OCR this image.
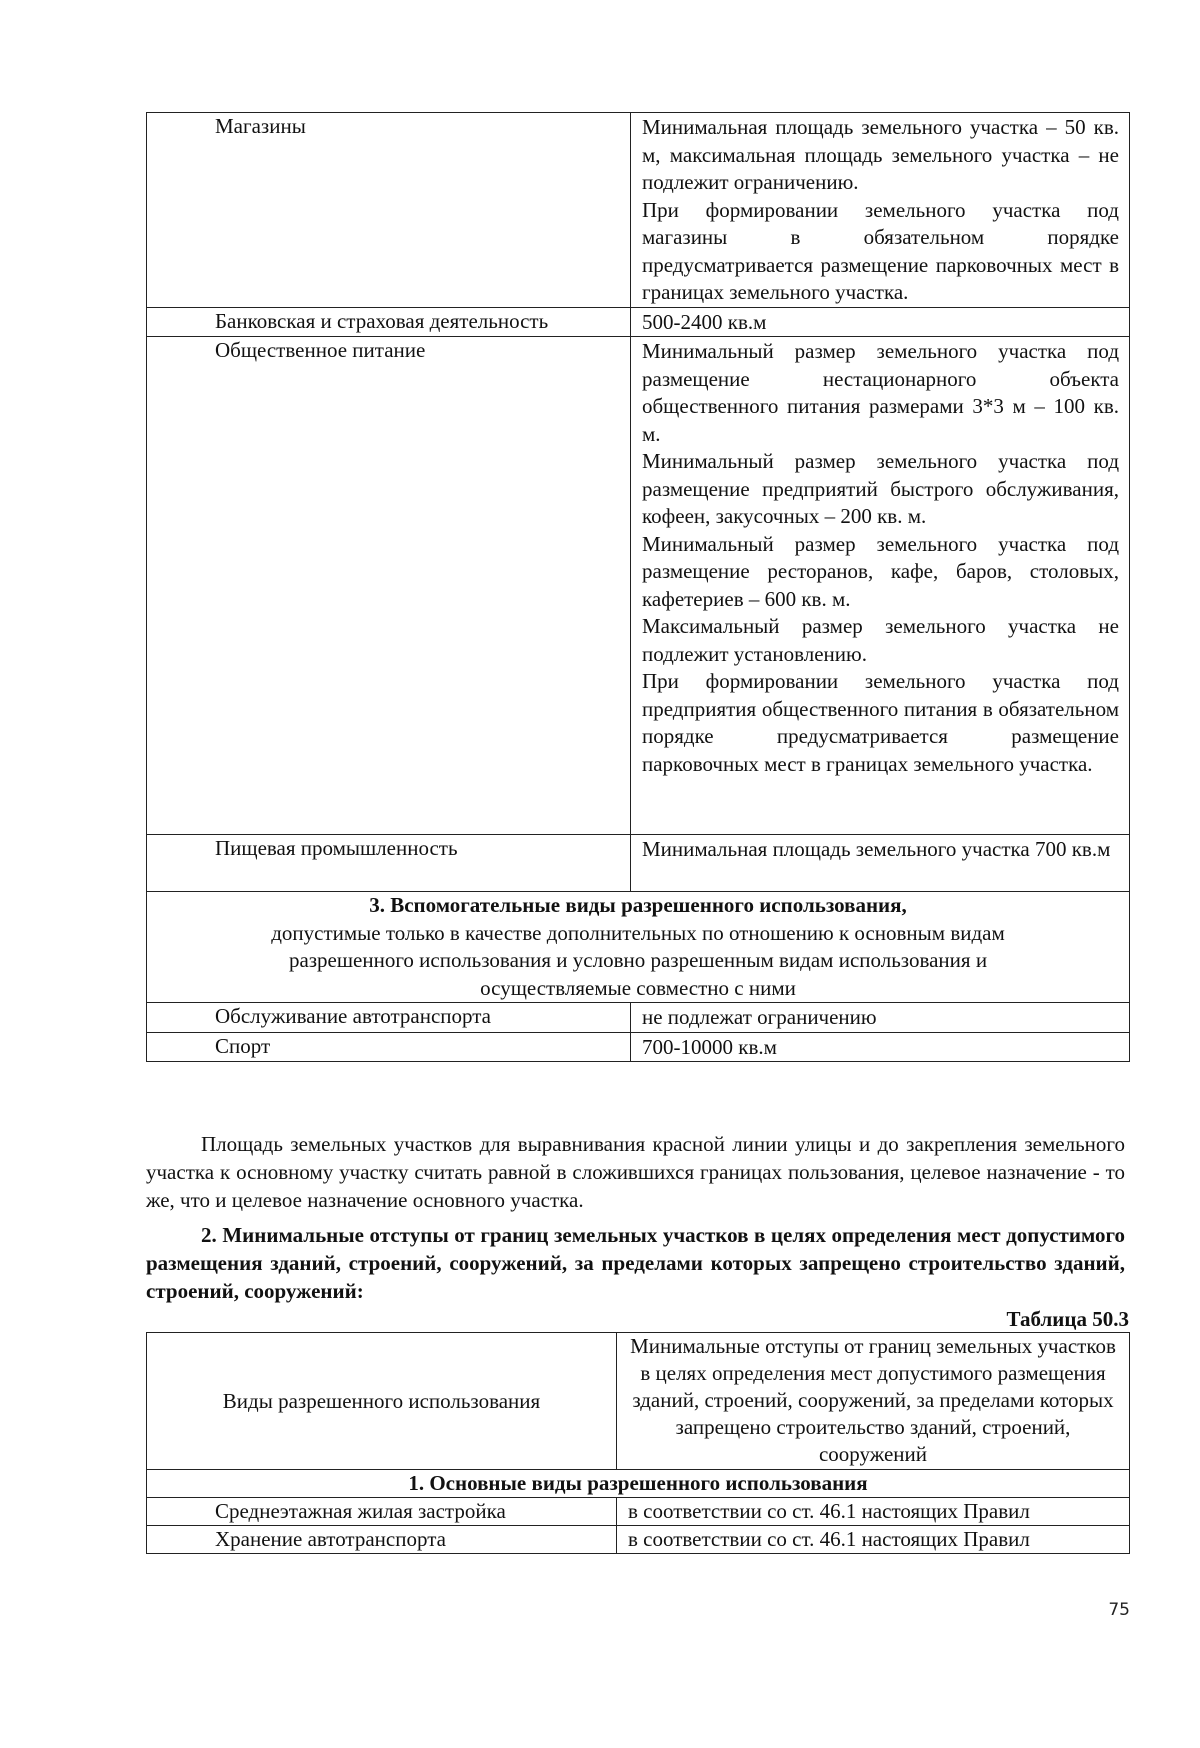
Магазины	Минимальная площадь земельного участка – 50 кв. м, максимальная площадь земельного участка – не подлежит ограничению.
При формировании земельного участка под магазины в обязательном порядке предусматривается размещение парковочных мест в границах земельного участка.

Банковская и страховая деятельность	500-2400 кв.м

Общественное питание	Минимальный размер земельного участка под размещение нестационарного объекта общественного питания размерами 3*3 м – 100 кв. м.
Минимальный размер земельного участка под размещение предприятий быстрого обслуживания, кофеен, закусочных – 200 кв. м.
Минимальный размер земельного участка под размещение ресторанов, кафе, баров, столовых, кафетериев – 600 кв. м.
Максимальный размер земельного участка не подлежит установлению.
При формировании земельного участка под предприятия общественного питания в обязательном порядке предусматривается размещение парковочных мест в границах земельного участка.

Пищевая промышленность	Минимальная площадь земельного участка 700 кв.м

3. Вспомогательные виды разрешенного использования,
допустимые только в качестве дополнительных по отношению к основным видам разрешенного использования и условно разрешенным видам использования и осуществляемые совместно с ними	

Обслуживание автотранспорта	не подлежат ограничению
Спорт	700-10000 кв.м

Площадь земельных участков для выравнивания красной линии улицы и до закрепления земельного участка к основному участку считать равной в сложившихся границах пользования, целевое назначение - то же, что и целевое назначение основного участка.

2. Минимальные отступы от границ земельных участков в целях определения мест допустимого размещения зданий, строений, сооружений, за пределами которых запрещено строительство зданий, строений, сооружений:

Таблица 50.3

Виды разрешенного использования	Минимальные отступы от границ земельных участков в целях определения мест допустимого размещения зданий, строений, сооружений, за пределами которых запрещено строительство зданий, строений, сооружений
1. Основные виды разрешенного использования	
Среднеэтажная жилая застройка	в соответствии со ст. 46.1 настоящих Правил
Хранение автотранспорта	в соответствии со ст. 46.1 настоящих Правил
75
